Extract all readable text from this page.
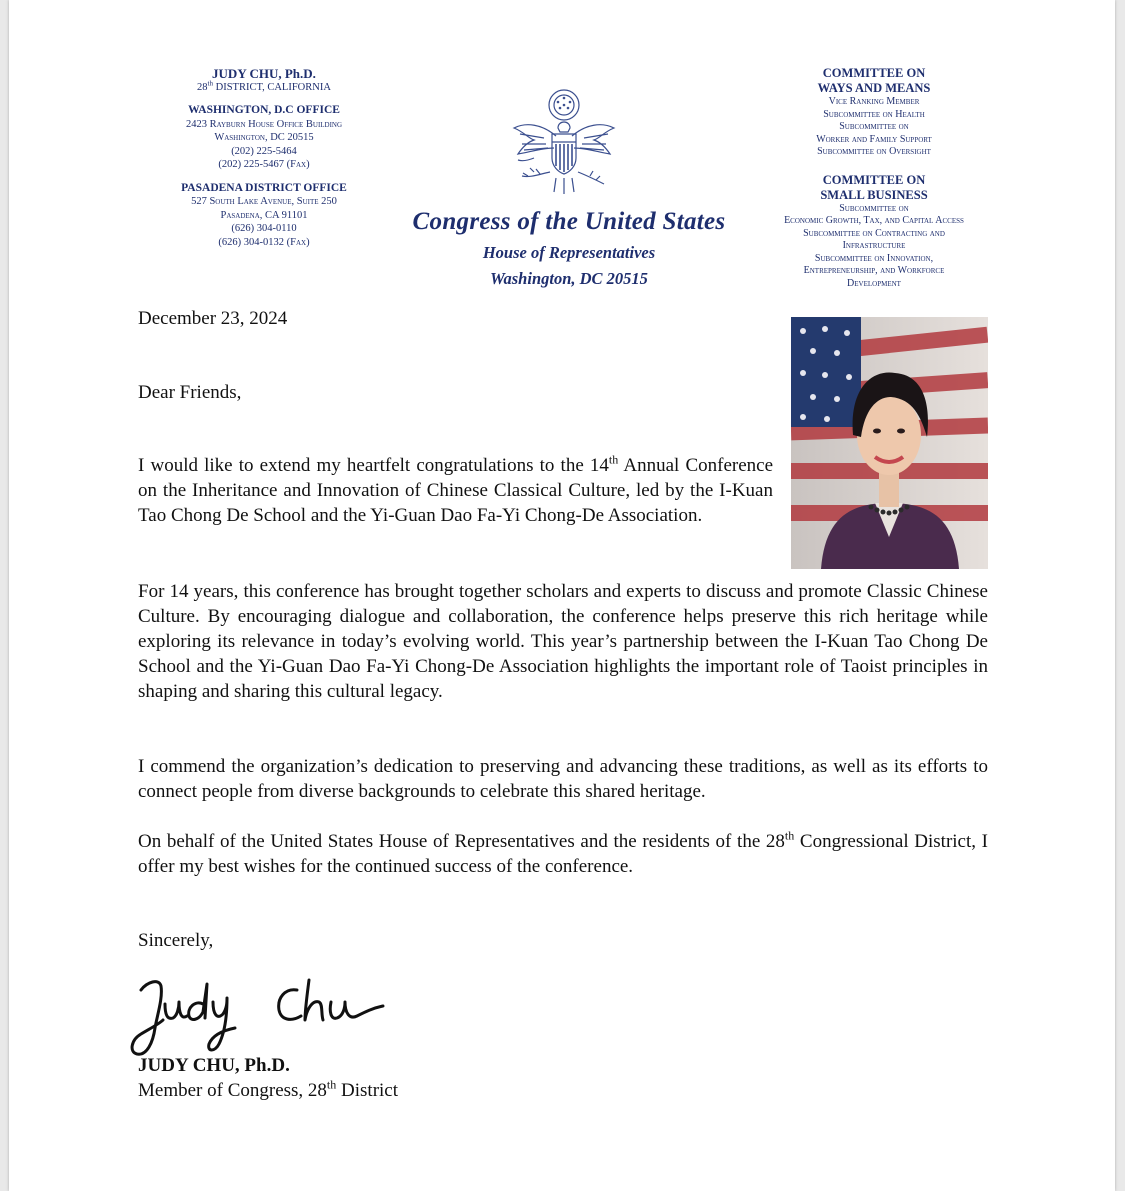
JUDY CHU, Ph.D.
28th DISTRICT, CALIFORNIA
WASHINGTON, D.C OFFICE
2423 Rayburn House Office Building
Washington, DC 20515
(202) 225-5464
(202) 225-5467 (Fax)
PASADENA DISTRICT OFFICE
527 South Lake Avenue, Suite 250
Pasadena, CA 91101
(626) 304-0110
(626) 304-0132 (Fax)
Congress of the United States
House of Representatives
Washington, DC 20515
COMMITTEE ON
WAYS AND MEANS
Vice Ranking Member
Subcommittee on Health
Subcommittee on
Worker and Family Support
Subcommittee on Oversight
COMMITTEE ON
SMALL BUSINESS
Subcommittee on
Economic Growth, Tax, and Capital Access
Subcommittee on Contracting and
Infrastructure
Subcommittee on Innovation,
Entrepreneurship, and Workforce
Development
December 23, 2024
Dear Friends,
I would like to extend my heartfelt congratulations to the 14th Annual Conference on the Inheritance and Innovation of Chinese Classical Culture, led by the I-Kuan Tao Chong De School and the Yi-Guan Dao Fa-Yi Chong-De Association.
For 14 years, this conference has brought together scholars and experts to discuss and promote Classic Chinese Culture. By encouraging dialogue and collaboration, the conference helps preserve this rich heritage while exploring its relevance in today’s evolving world. This year’s partnership between the I-Kuan Tao Chong De School and the Yi-Guan Dao Fa-Yi Chong-De Association highlights the important role of Taoist principles in shaping and sharing this cultural legacy.
I commend the organization’s dedication to preserving and advancing these traditions, as well as its efforts to connect people from diverse backgrounds to celebrate this shared heritage.
On behalf of the United States House of Representatives and the residents of the 28th Congressional District, I offer my best wishes for the continued success of the conference.
Sincerely,
JUDY CHU, Ph.D.
Member of Congress, 28th District
